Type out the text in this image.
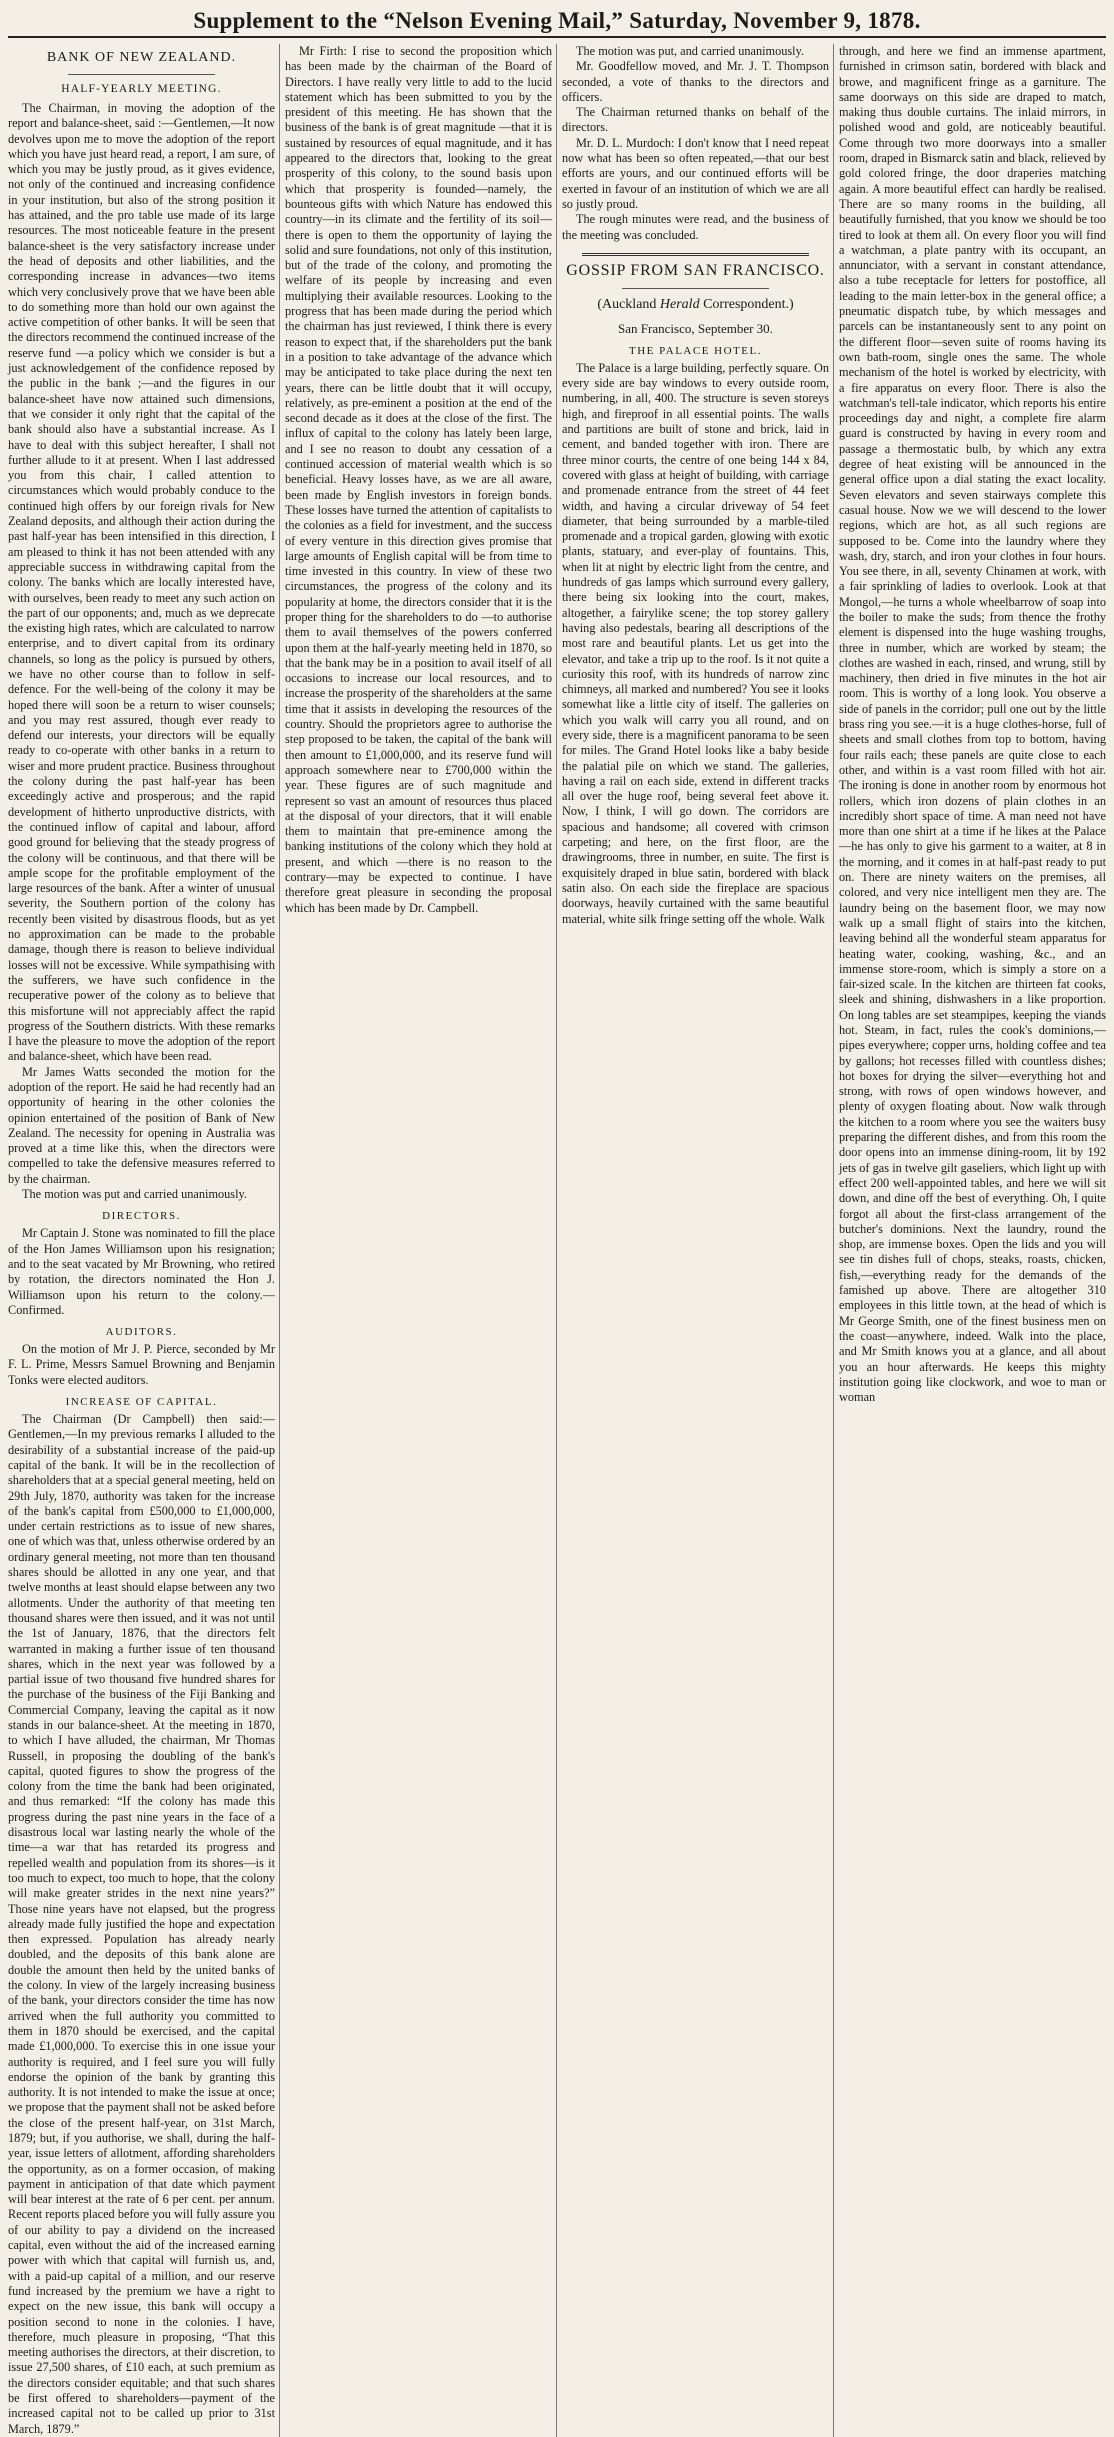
Supplement to the “Nelson Evening Mail,” Saturday, November 9, 1878.
BANK OF NEW ZEALAND.
HALF-YEARLY MEETING.

The Chairman, in moving the adoption of the report and balance-sheet, said :—Gentlemen,—It now devolves upon me to move the adoption of the report which you have just heard read, a report, I am sure, of which you may be justly proud, as it gives evidence, not only of the continued and increasing confidence in your institution, but also of the strong position it has attained, and the pro table use made of its large resources. The most noticeable feature in the present balance-sheet is the very satisfactory increase under the head of deposits and other liabilities, and the corresponding increase in advances—two items which very conclusively prove that we have been able to do something more than hold our own against the active competition of other banks. It will be seen that the directors recommend the continued increase of the reserve fund —a policy which we consider is but a just acknowledgement of the confidence reposed by the public in the bank ;—and the figures in our balance-sheet have now attained such dimensions, that we consider it only right that the capital of the bank should also have a substantial increase. As I have to deal with this subject hereafter, I shall not further allude to it at present. When I last addressed you from this chair, I called attention to circumstances which would probably conduce to the continued high offers by our foreign rivals for New Zealand deposits, and although their action during the past half-year has been intensified in this direction, I am pleased to think it has not been attended with any appreciable success in withdrawing capital from the colony. The banks which are locally interested have, with ourselves, been ready to meet any such action on the part of our opponents; and, much as we deprecate the existing high rates, which are calculated to narrow enterprise, and to divert capital from its ordinary channels, so long as the policy is pursued by others, we have no other course than to follow in self-defence. For the well-being of the colony it may be hoped there will soon be a return to wiser counsels; and you may rest assured, though ever ready to defend our interests, your directors will be equally ready to co-operate with other banks in a return to wiser and more prudent practice. Business throughout the colony during the past half-year has been exceedingly active and prosperous; and the rapid development of hitherto unproductive districts, with the continued inflow of capital and labour, afford good ground for believing that the steady progress of the colony will be continuous, and that there will be ample scope for the profitable employment of the large resources of the bank. After a winter of unusual severity, the Southern portion of the colony has recently been visited by disastrous floods, but as yet no approximation can be made to the probable damage, though there is reason to believe individual losses will not be excessive. While sympathising with the sufferers, we have such confidence in the recuperative power of the colony as to believe that this misfortune will not appreciably affect the rapid progress of the Southern districts. With these remarks I have the pleasure to move the adoption of the report and balance-sheet, which have been read.

Mr James Watts seconded the motion for the adoption of the report. He said he had recently had an opportunity of hearing in the other colonies the opinion entertained of the position of Bank of New Zealand. The necessity for opening in Australia was proved at a time like this, when the directors were compelled to take the defensive measures referred to by the chairman.

The motion was put and carried unanimously.

DIRECTORS.

Mr Captain J. Stone was nominated to fill the place of the Hon James Williamson upon his resignation; and to the seat vacated by Mr Browning, who retired by rotation, the directors nominated the Hon J. Williamson upon his return to the colony.—Confirmed.

AUDITORS.

On the motion of Mr J. P. Pierce, seconded by Mr F. L. Prime, Messrs Samuel Browning and Benjamin Tonks were elected auditors.

INCREASE OF CAPITAL.

The Chairman (Dr Campbell) then said:—Gentlemen,—In my previous remarks I alluded to the desirability of a substantial increase of the paid-up capital of the bank. It will be in the recollection of shareholders that at a special general meeting, held on 29th July, 1870, authority was taken for the increase of the bank's capital from £500,000 to £1,000,000, under certain restrictions as to issue of new shares, one of which was that, unless otherwise ordered by an ordinary general meeting, not more than ten thousand shares should be allotted in any one year, and that twelve months at least should elapse between any two allotments. Under the authority of that meeting ten thousand shares were then issued, and it was not until the 1st of January, 1876, that the directors felt warranted in making a further issue of ten thousand shares, which in the next year was followed by a partial issue of two thousand five hundred shares for the purchase of the business of the Fiji Banking and Commercial Company, leaving the capital as it now stands in our balance-sheet. At the meeting in 1870, to which I have alluded, the chairman, Mr Thomas Russell, in proposing the doubling of the bank's capital, quoted figures to show the progress of the colony from the time the bank had been originated, and thus remarked: “If the colony has made this progress during the past nine years in the face of a disastrous local war lasting nearly the whole of the time—a war that has retarded its progress and repelled wealth and population from its shores—is it too much to expect, too much to hope, that the colony will make greater strides in the next nine years?” Those nine years have not elapsed, but the progress already made fully justified the hope and expectation then expressed. Population has already nearly doubled, and the deposits of this bank alone are double the amount then held by the united banks of the colony. In view of the largely increasing business of the bank, your directors consider the time has now arrived when the full authority you committed to them in 1870 should be exercised, and the capital made £1,000,000. To exercise this in one issue your authority is required, and I feel sure you will fully endorse the opinion of the bank by granting this authority. It is not intended to make the issue at once; we propose that the payment shall not be asked before the close of the present half-year, on 31st March, 1879; but, if you authorise, we shall, during the half-year, issue letters of allotment, affording shareholders the opportunity, as on a former occasion, of making payment in anticipation of that date which payment will bear interest at the rate of 6 per cent. per annum. Recent reports placed before you will fully assure you of our ability to pay a dividend on the increased capital, even without the aid of the increased earning power with which that capital will furnish us, and, with a paid-up capital of a million, and our reserve fund increased by the premium we have a right to expect on the new issue, this bank will occupy a position second to none in the colonies. I have, therefore, much pleasure in proposing, “That this meeting authorises the directors, at their discretion, to issue 27,500 shares, of £10 each, at such premium as the directors consider equitable; and that such shares be first offered to shareholders—payment of the increased capital not to be called up prior to 31st March, 1879.”

Mr Firth: I rise to second the proposition which has been made by the chairman of the Board of Directors. I have really very little to add to the lucid statement which has been submitted to you by the president of this meeting. He has shown that the business of the bank is of great magnitude —that it is sustained by resources of equal magnitude, and it has appeared to the directors that, looking to the great prosperity of this colony, to the sound basis upon which that prosperity is founded—namely, the bounteous gifts with which Nature has endowed this country—in its climate and the fertility of its soil—there is open to them the opportunity of laying the solid and sure foundations, not only of this institution, but of the trade of the colony, and promoting the welfare of its people by increasing and even multiplying their available resources. Looking to the progress that has been made during the period which the chairman has just reviewed, I think there is every reason to expect that, if the shareholders put the bank in a position to take advantage of the advance which may be anticipated to take place during the next ten years, there can be little doubt that it will occupy, relatively, as pre-eminent a position at the end of the second decade as it does at the close of the first. The influx of capital to the colony has lately been large, and I see no reason to doubt any cessation of a continued accession of material wealth which is so beneficial. Heavy losses have, as we are all aware, been made by English investors in foreign bonds. These losses have turned the attention of capitalists to the colonies as a field for investment, and the success of every venture in this direction gives promise that large amounts of English capital will be from time to time invested in this country. In view of these two circumstances, the progress of the colony and its popularity at home, the directors consider that it is the proper thing for the shareholders to do —to authorise them to avail themselves of the powers conferred upon them at the half-yearly meeting held in 1870, so that the bank may be in a position to avail itself of all occasions to increase our local resources, and to increase the prosperity of the shareholders at the same time that it assists in developing the resources of the country. Should the proprietors agree to authorise the step proposed to be taken, the capital of the bank will then amount to £1,000,000, and its reserve fund will approach somewhere near to £700,000 within the year. These figures are of such magnitude and represent so vast an amount of resources thus placed at the disposal of your directors, that it will enable them to maintain that pre-eminence among the banking institutions of the colony which they hold at present, and which —there is no reason to the contrary—may be expected to continue. I have therefore great pleasure in seconding the proposal which has been made by Dr. Campbell.

The motion was put, and carried unanimously.

Mr. Goodfellow moved, and Mr. J. T. Thompson seconded, a vote of thanks to the directors and officers.

The Chairman returned thanks on behalf of the directors.

Mr. D. L. Murdoch: I don't know that I need repeat now what has been so often repeated,—that our best efforts are yours, and our continued efforts will be exerted in favour of an institution of which we are all so justly proud.

The rough minutes were read, and the business of the meeting was concluded.

GOSSIP FROM SAN FRANCISCO.
(Auckland Herald Correspondent.)
San Francisco, September 30.
THE PALACE HOTEL.

The Palace is a large building, perfectly square. On every side are bay windows to every outside room, numbering, in all, 400. The structure is seven storeys high, and fireproof in all essential points. The walls and partitions are built of stone and brick, laid in cement, and banded together with iron. There are three minor courts, the centre of one being 144 x 84, covered with glass at height of building, with carriage and promenade entrance from the street of 44 feet width, and having a circular driveway of 54 feet diameter, that being surrounded by a marble-tiled promenade and a tropical garden, glowing with exotic plants, statuary, and ever-play of fountains. This, when lit at night by electric light from the centre, and hundreds of gas lamps which surround every gallery, there being six looking into the court, makes, altogether, a fairylike scene; the top storey gallery having also pedestals, bearing all descriptions of the most rare and beautiful plants. Let us get into the elevator, and take a trip up to the roof. Is it not quite a curiosity this roof, with its hundreds of narrow zinc chimneys, all marked and numbered? You see it looks somewhat like a little city of itself. The galleries on which you walk will carry you all round, and on every side, there is a magnificent panorama to be seen for miles. The Grand Hotel looks like a baby beside the palatial pile on which we stand. The galleries, having a rail on each side, extend in different tracks all over the huge roof, being several feet above it. Now, I think, I will go down. The corridors are spacious and handsome; all covered with crimson carpeting; and here, on the first floor, are the drawingrooms, three in number, en suite. The first is exquisitely draped in blue satin, bordered with black satin also. On each side the fireplace are spacious doorways, heavily curtained with the same beautiful material, white silk fringe setting off the whole. Walk

through, and here we find an immense apartment, furnished in crimson satin, bordered with black and browe, and magnificent fringe as a garniture. The same doorways on this side are draped to match, making thus double curtains. The inlaid mirrors, in polished wood and gold, are noticeably beautiful. Come through two more doorways into a smaller room, draped in Bismarck satin and black, relieved by gold colored fringe, the door draperies matching again. A more beautiful effect can hardly be realised. There are so many rooms in the building, all beautifully furnished, that you know we should be too tired to look at them all. On every floor you will find a watchman, a plate pantry with its occupant, an annunciator, with a servant in constant attendance, also a tube receptacle for letters for postoffice, all leading to the main letter-box in the general office; a pneumatic dispatch tube, by which messages and parcels can be instantaneously sent to any point on the different floor—seven suite of rooms having its own bath-room, single ones the same. The whole mechanism of the hotel is worked by electricity, with a fire apparatus on every floor. There is also the watchman's tell-tale indicator, which reports his entire proceedings day and night, a complete fire alarm guard is constructed by having in every room and passage a thermostatic bulb, by which any extra degree of heat existing will be announced in the general office upon a dial stating the exact locality. Seven elevators and seven stairways complete this casual house. Now we we will descend to the lower regions, which are hot, as all such regions are supposed to be. Come into the laundry where they wash, dry, starch, and iron your clothes in four hours. You see there, in all, seventy Chinamen at work, with a fair sprinkling of ladies to overlook. Look at that Mongol,—he turns a whole wheelbarrow of soap into the boiler to make the suds; from thence the frothy element is dispensed into the huge washing troughs, three in number, which are worked by steam; the clothes are washed in each, rinsed, and wrung, still by machinery, then dried in five minutes in the hot air room. This is worthy of a long look. You observe a side of panels in the corridor; pull one out by the little brass ring you see.—it is a huge clothes-horse, full of sheets and small clothes from top to bottom, having four rails each; these panels are quite close to each other, and within is a vast room filled with hot air. The ironing is done in another room by enormous hot rollers, which iron dozens of plain clothes in an incredibly short space of time. A man need not have more than one shirt at a time if he likes at the Palace—he has only to give his garment to a waiter, at 8 in the morning, and it comes in at half-past ready to put on. There are ninety waiters on the premises, all colored, and very nice intelligent men they are. The laundry being on the basement floor, we may now walk up a small flight of stairs into the kitchen, leaving behind all the wonderful steam apparatus for heating water, cooking, washing, &c., and an immense store-room, which is simply a store on a fair-sized scale. In the kitchen are thirteen fat cooks, sleek and shining, dishwashers in a like proportion. On long tables are set steampipes, keeping the viands hot. Steam, in fact, rules the cook's dominions,—pipes everywhere; copper urns, holding coffee and tea by gallons; hot recesses filled with countless dishes; hot boxes for drying the silver—everything hot and strong, with rows of open windows however, and plenty of oxygen floating about. Now walk through the kitchen to a room where you see the waiters busy preparing the different dishes, and from this room the door opens into an immense dining-room, lit by 192 jets of gas in twelve gilt gaseliers, which light up with effect 200 well-appointed tables, and here we will sit down, and dine off the best of everything. Oh, I quite forgot all about the first-class arrangement of the butcher's dominions. Next the laundry, round the shop, are immense boxes. Open the lids and you will see tin dishes full of chops, steaks, roasts, chicken, fish,—everything ready for the demands of the famished up above. There are altogether 310 employees in this little town, at the head of which is Mr George Smith, one of the finest business men on the coast—anywhere, indeed. Walk into the place, and Mr Smith knows you at a glance, and all about you an hour afterwards. He keeps this mighty institution going like clockwork, and woe to man or woman
